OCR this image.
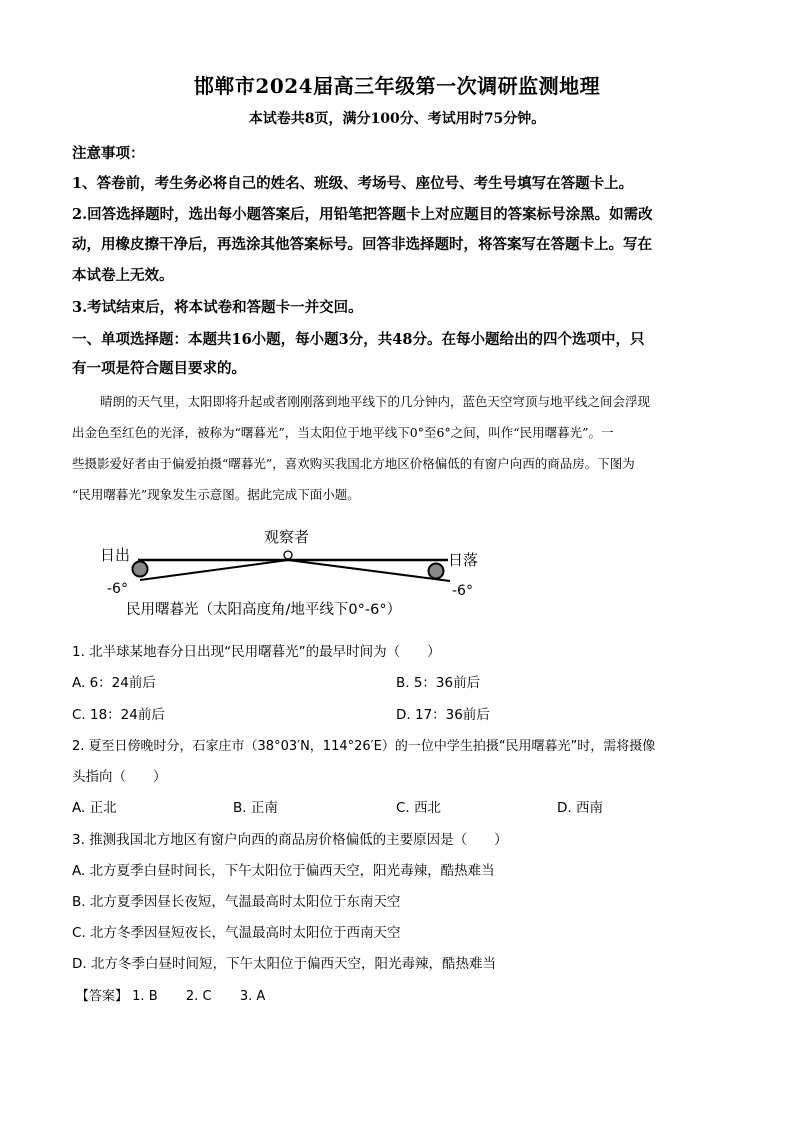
邯郸市2024届高三年级第一次调研监测地理
本试卷共8页，满分100分、考试用时75分钟。
注意事项：
1、答卷前，考生务必将自己的姓名、班级、考场号、座位号、考生号填写在答题卡上。
2.回答选择题时，选出每小题答案后，用铅笔把答题卡上对应题目的答案标号涂黑。如需改
动，用橡皮擦干净后，再选涂其他答案标号。回答非选择题时，将答案写在答题卡上。写在
本试卷上无效。
3.考试结束后，将本试卷和答题卡一并交回。
一、单项选择题：本题共16小题，每小题3分，共48分。在每小题给出的四个选项中，只
有一项是符合题目要求的。
晴朗的天气里，太阳即将升起或者刚刚落到地平线下的几分钟内，蓝色天空穹顶与地平线之间会浮现
出金色至红色的光泽，被称为“曙暮光”，当太阳位于地平线下0°至6°之间，叫作“民用曙暮光”。一
些摄影爱好者由于偏爱拍摄“曙暮光”，喜欢购买我国北方地区价格偏低的有窗户向西的商品房。下图为
“民用曙暮光”现象发生示意图。据此完成下面小题。
观察者
日出	日落
-6°	-6°
民用曙暮光（太阳高度角/地平线下0°-6°）
1. 北半球某地春分日出现“民用曙暮光”的最早时间为（　　）
A. 6：24前后	B. 5：36前后
C. 18：24前后	D. 17：36前后
2. 夏至日傍晚时分，石家庄市（38°03′N，114°26′E）的一位中学生拍摄“民用曙暮光”时，需将摄像
头指向（　　）
A. 正北	B. 正南	C. 西北	D. 西南
3. 推测我国北方地区有窗户向西的商品房价格偏低的主要原因是（　　）
A. 北方夏季白昼时间长，下午太阳位于偏西天空，阳光毒辣，酷热难当
B. 北方夏季因昼长夜短，气温最高时太阳位于东南天空
C. 北方冬季因昼短夜长，气温最高时太阳位于西南天空
D. 北方冬季白昼时间短，下午太阳位于偏西天空，阳光毒辣，酷热难当
【答案】 1. B 2. C 3. A
